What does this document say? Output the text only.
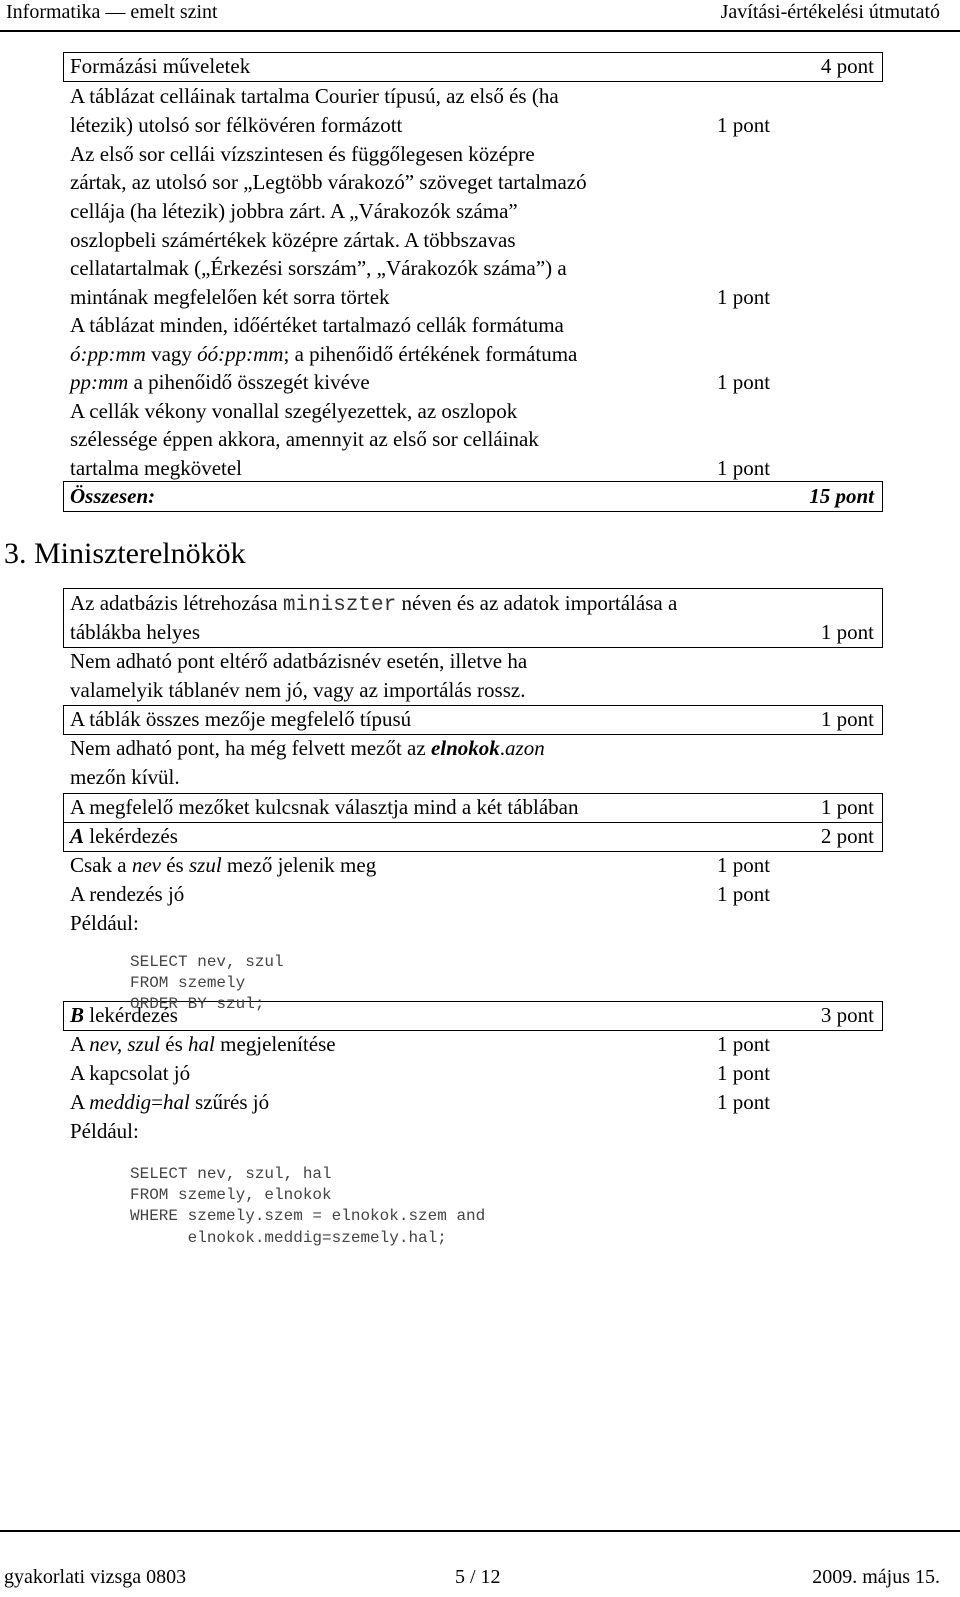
Informatika — emelt szint	Javítási-értékelési útmutató
Formázási műveletek	4 pont
A táblázat celláinak tartalma Courier típusú, az első és (ha
létezik) utolsó sor félkövéren formázott	1 pont
Az első sor cellái vízszintesen és függőlegesen középre
zártak, az utolsó sor „Legtöbb várakozó” szöveget tartalmazó
cellája (ha létezik) jobbra zárt. A „Várakozók száma”
oszlopbeli számértékek középre zártak. A többszavas
cellatartalmak („Érkezési sorszám”, „Várakozók száma”) a
mintának megfelelően két sorra törtek	1 pont
A táblázat minden, időértéket tartalmazó cellák formátuma
ó:pp:mm vagy óó:pp:mm; a pihenőidő értékének formátuma
pp:mm a pihenőidő összegét kivéve	1 pont
A cellák vékony vonallal szegélyezettek, az oszlopok
szélessége éppen akkora, amennyit az első sor celláinak
tartalma megkövetel	1 pont
Összesen:	15 pont
3. Miniszterelnökök
Az adatbázis létrehozása miniszter néven és az adatok importálása a
táblákba helyes	1 pont
Nem adható pont eltérő adatbázisnév esetén, illetve ha
valamelyik táblanév nem jó, vagy az importálás rossz.
A táblák összes mezője megfelelő típusú	1 pont
Nem adható pont, ha még felvett mezőt az elnokok.azon
mezőn kívül.
A megfelelő mezőket kulcsnak választja mind a két táblában	1 pont
A lekérdezés	2 pont
Csak a nev és szul mező jelenik meg	1 pont
A rendezés jó	1 pont
Például:
SELECT nev, szul
FROM szemely
ORDER BY szul;
B lekérdezés	3 pont
A nev, szul és hal megjelenítése	1 pont
A kapcsolat jó	1 pont
A meddig=hal szűrés jó	1 pont
Például:
SELECT nev, szul, hal
FROM szemely, elnokok
WHERE szemely.szem = elnokok.szem and
elnokok.meddig=szemely.hal;
gyakorlati vizsga 0803	5 / 12	2009. május 15.
